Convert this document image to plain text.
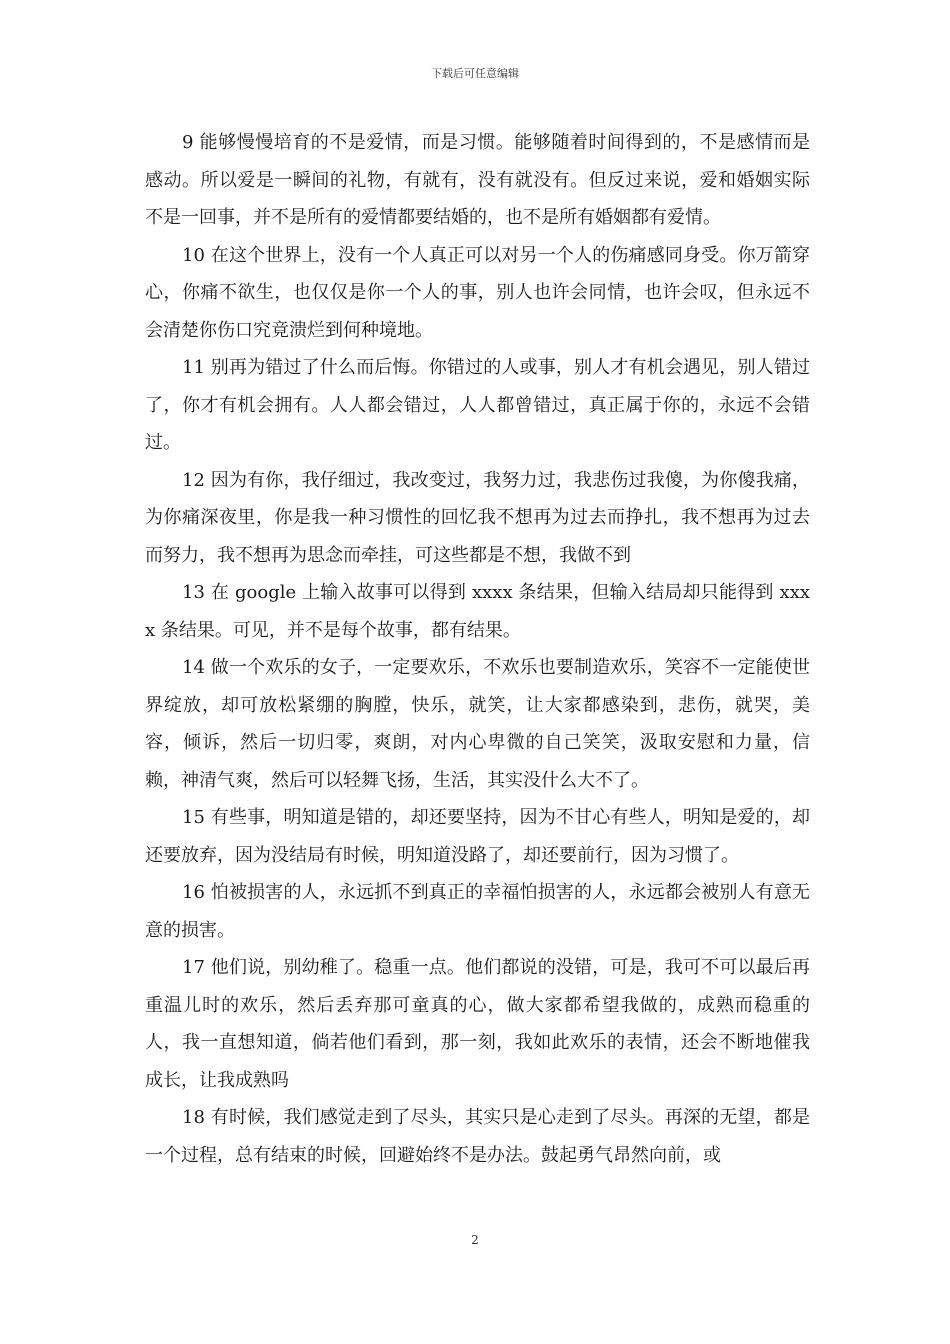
下载后可任意编辑

9 能够慢慢培育的不是爱情，而是习惯。能够随着时间得到的，不是感情而是感动。所以爱是一瞬间的礼物，有就有，没有就没有。但反过来说，爱和婚姻实际不是一回事，并不是所有的爱情都要结婚的，也不是所有婚姻都有爱情。

10 在这个世界上，没有一个人真正可以对另一个人的伤痛感同身受。你万箭穿心，你痛不欲生，也仅仅是你一个人的事，别人也许会同情，也许会叹，但永远不会清楚你伤口究竟溃烂到何种境地。

11 别再为错过了什么而后悔。你错过的人或事，别人才有机会遇见，别人错过了，你才有机会拥有。人人都会错过，人人都曾错过，真正属于你的，永远不会错过。

12 因为有你，我仔细过，我改变过，我努力过，我悲伤过我傻，为你傻我痛，为你痛深夜里，你是我一种习惯性的回忆我不想再为过去而挣扎，我不想再为过去而努力，我不想再为思念而牵挂，可这些都是不想，我做不到

13 在 google 上输入故事可以得到 xxxx 条结果，但输入结局却只能得到 xxxx 条结果。可见，并不是每个故事，都有结果。

14 做一个欢乐的女子，一定要欢乐，不欢乐也要制造欢乐，笑容不一定能使世界绽放，却可放松紧绷的胸膛，快乐，就笑，让大家都感染到，悲伤，就哭，美容，倾诉，然后一切归零，爽朗，对内心卑微的自己笑笑，汲取安慰和力量，信赖，神清气爽，然后可以轻舞飞扬，生活，其实没什么大不了。

15 有些事，明知道是错的，却还要坚持，因为不甘心有些人，明知是爱的，却还要放弃，因为没结局有时候，明知道没路了，却还要前行，因为习惯了。

16 怕被损害的人，永远抓不到真正的幸福怕损害的人，永远都会被别人有意无意的损害。

17 他们说，别幼稚了。稳重一点。他们都说的没错，可是，我可不可以最后再重温儿时的欢乐，然后丢弃那可童真的心，做大家都希望我做的，成熟而稳重的人，我一直想知道，倘若他们看到，那一刻，我如此欢乐的表情，还会不断地催我成长，让我成熟吗

18 有时候，我们感觉走到了尽头，其实只是心走到了尽头。再深的无望，都是一个过程，总有结束的时候，回避始终不是办法。鼓起勇气昂然向前，或

2
